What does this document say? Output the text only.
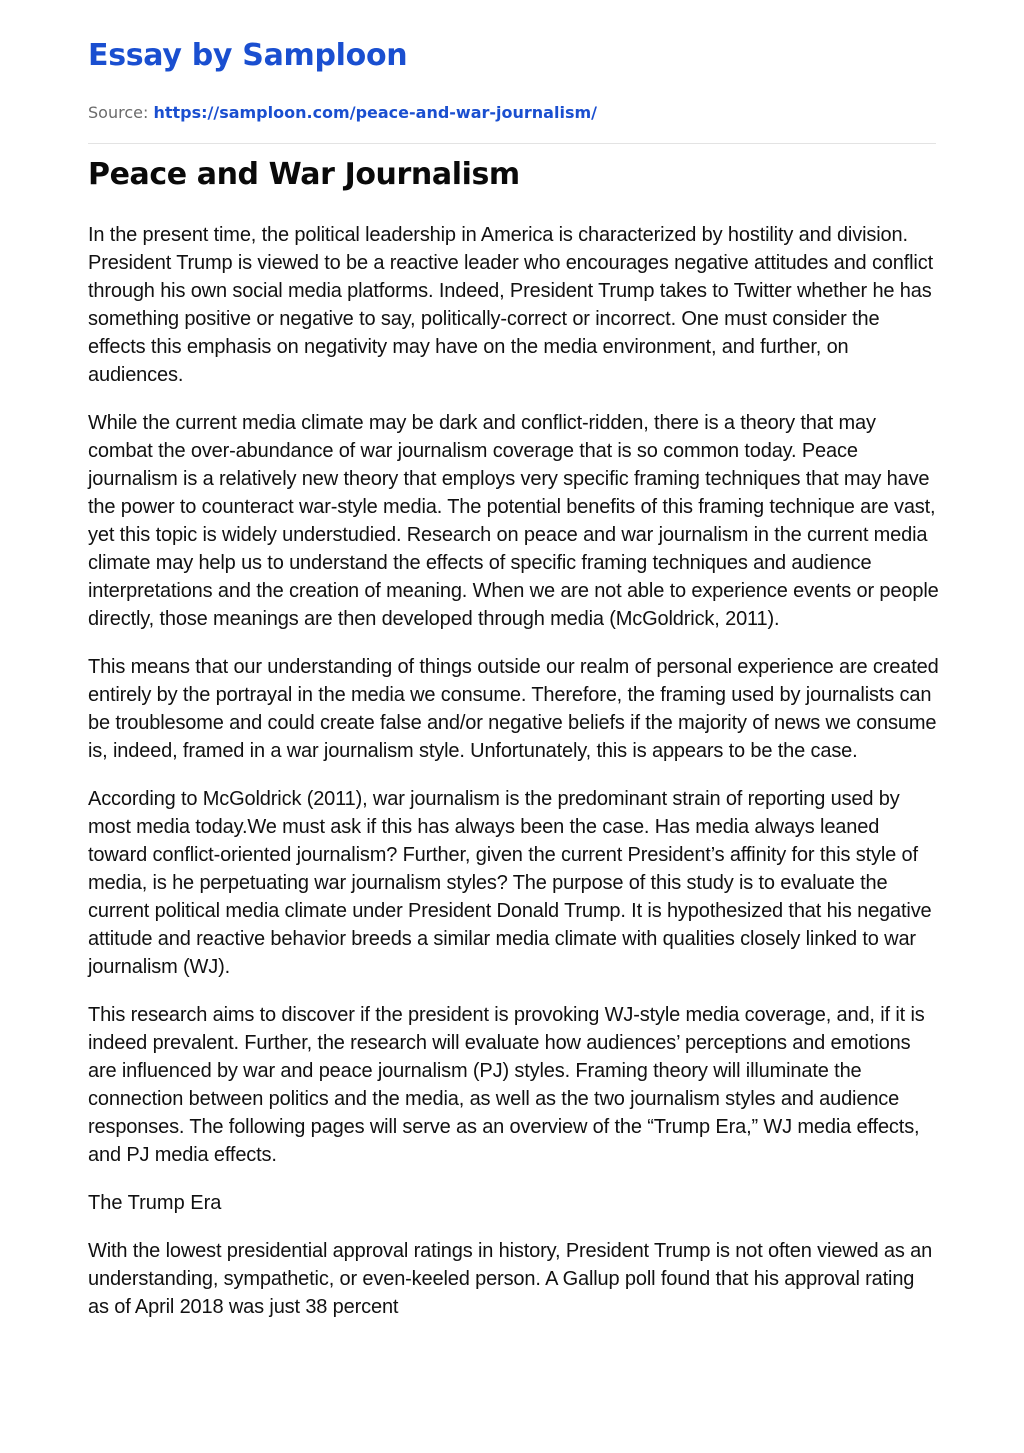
Essay by Samploon
Source: https://samploon.com/peace-and-war-journalism/
Peace and War Journalism

In the present time, the political leadership in America is characterized by hostility and division. President Trump is viewed to be a reactive leader who encourages negative attitudes and conflict through his own social media platforms. Indeed, President Trump takes to Twitter whether he has something positive or negative to say, politically-correct or incorrect. One must consider the effects this emphasis on negativity may have on the media environment, and further, on audiences.

While the current media climate may be dark and conflict-ridden, there is a theory that may combat the over-abundance of war journalism coverage that is so common today. Peace journalism is a relatively new theory that employs very specific framing techniques that may have the power to counteract war-style media. The potential benefits of this framing technique are vast, yet this topic is widely understudied. Research on peace and war journalism in the current media climate may help us to understand the effects of specific framing techniques and audience interpretations and the creation of meaning. When we are not able to experience events or people directly, those meanings are then developed through media (McGoldrick, 2011).

This means that our understanding of things outside our realm of personal experience are created entirely by the portrayal in the media we consume. Therefore, the framing used by journalists can be troublesome and could create false and/or negative beliefs if the majority of news we consume is, indeed, framed in a war journalism style. Unfortunately, this is appears to be the case.

According to McGoldrick (2011), war journalism is the predominant strain of reporting used by most media today.We must ask if this has always been the case. Has media always leaned toward conflict-oriented journalism? Further, given the current President’s affinity for this style of media, is he perpetuating war journalism styles? The purpose of this study is to evaluate the current political media climate under President Donald Trump. It is hypothesized that his negative attitude and reactive behavior breeds a similar media climate with qualities closely linked to war journalism (WJ).

This research aims to discover if the president is provoking WJ-style media coverage, and, if it is indeed prevalent. Further, the research will evaluate how audiences’ perceptions and emotions are influenced by war and peace journalism (PJ) styles. Framing theory will illuminate the connection between politics and the media, as well as the two journalism styles and audience responses. The following pages will serve as an overview of the “Trump Era,” WJ media effects, and PJ media effects.

The Trump Era

With the lowest presidential approval ratings in history, President Trump is not often viewed as an understanding, sympathetic, or even-keeled person. A Gallup poll found that his approval rating as of April 2018 was just 38 percent
